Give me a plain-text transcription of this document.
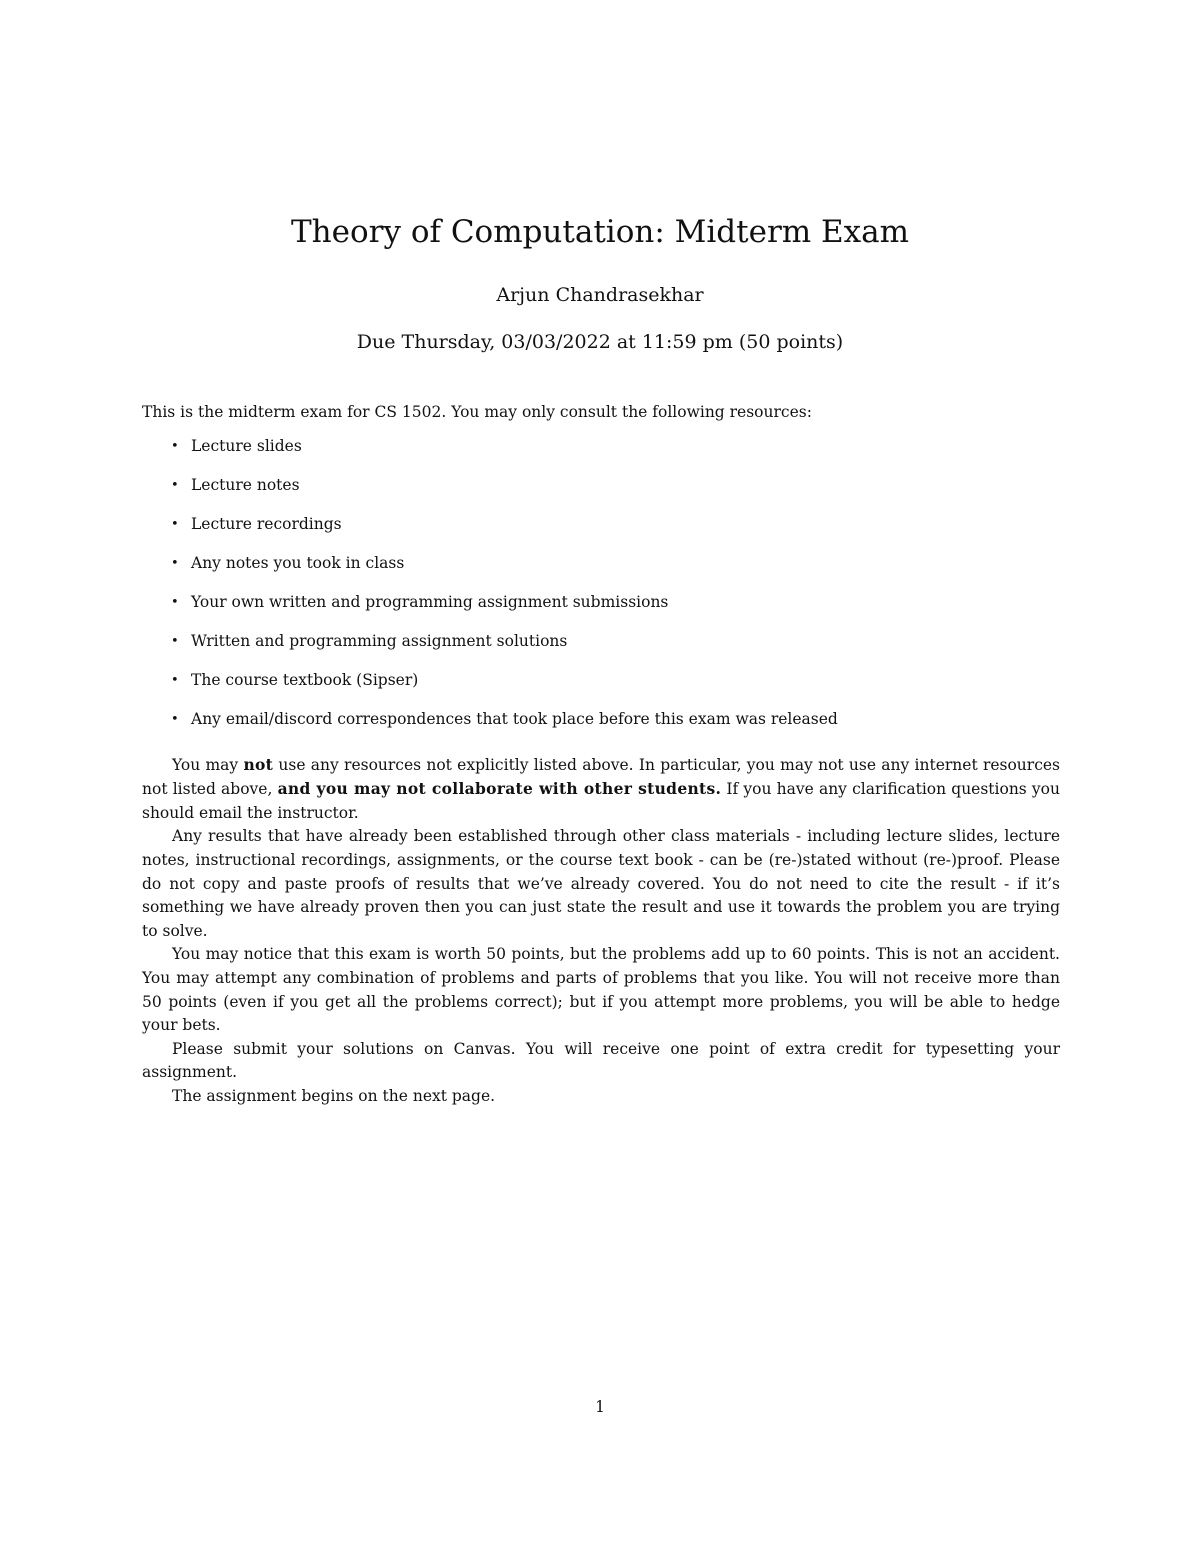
Theory of Computation: Midterm Exam
Arjun Chandrasekhar
Due Thursday, 03/03/2022 at 11:59 pm (50 points)

This is the midterm exam for CS 1502. You may only consult the following resources:

• Lecture slides
• Lecture notes
• Lecture recordings
• Any notes you took in class
• Your own written and programming assignment submissions
• Written and programming assignment solutions
• The course textbook (Sipser)
• Any email/discord correspondences that took place before this exam was released

You may not use any resources not explicitly listed above. In particular, you may not use any internet resources not listed above, and you may not collaborate with other students. If you have any clarification questions you should email the instructor.

Any results that have already been established through other class materials - including lecture slides, lecture notes, instructional recordings, assignments, or the course text book - can be (re-)stated without (re-)proof. Please do not copy and paste proofs of results that we’ve already covered. You do not need to cite the result - if it’s something we have already proven then you can just state the result and use it towards the problem you are trying to solve.

You may notice that this exam is worth 50 points, but the problems add up to 60 points. This is not an accident. You may attempt any combination of problems and parts of problems that you like. You will not receive more than 50 points (even if you get all the problems correct); but if you attempt more problems, you will be able to hedge your bets.

Please submit your solutions on Canvas. You will receive one point of extra credit for typesetting your assignment.

The assignment begins on the next page.

1
